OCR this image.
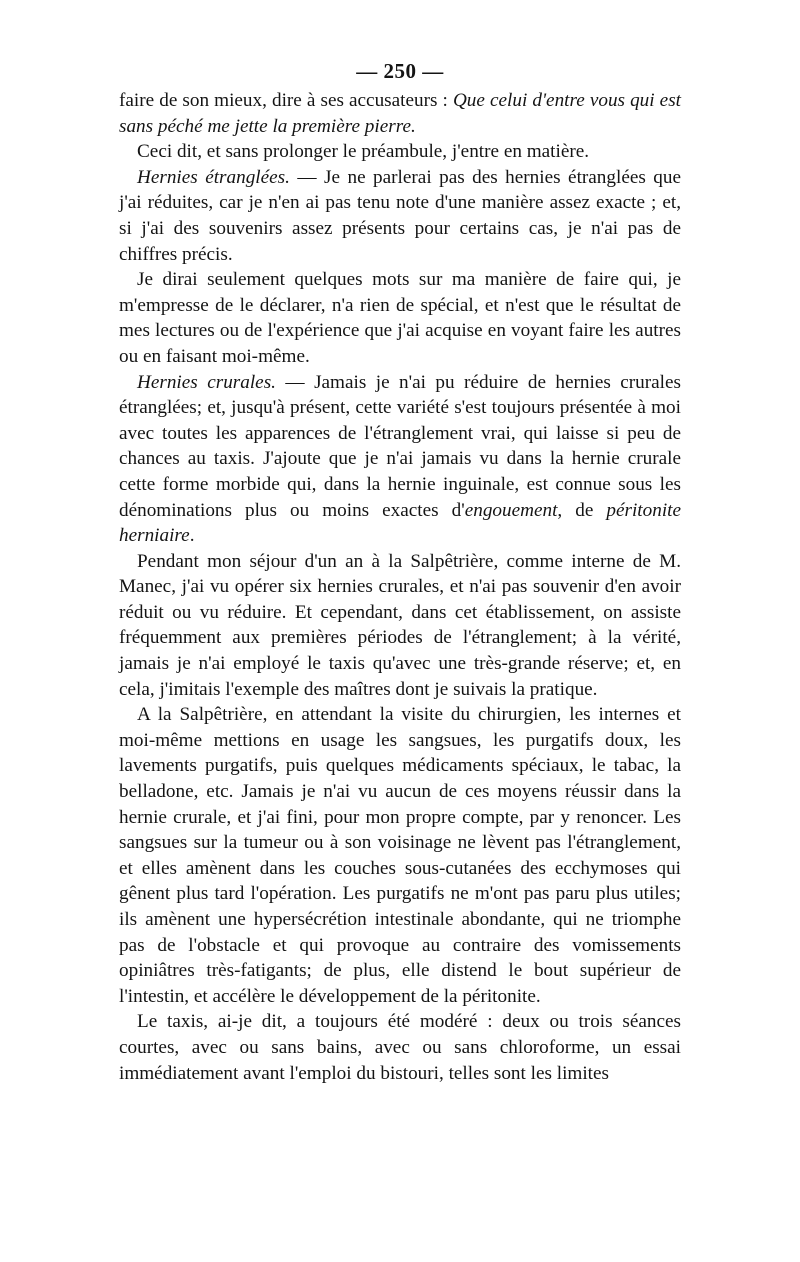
— 250 —

faire de son mieux, dire à ses accusateurs : Que celui d'entre vous qui est sans péché me jette la première pierre.

Ceci dit, et sans prolonger le préambule, j'entre en matière.

Hernies étranglées. — Je ne parlerai pas des hernies étranglées que j'ai réduites, car je n'en ai pas tenu note d'une manière assez exacte ; et, si j'ai des souvenirs assez présents pour certains cas, je n'ai pas de chiffres précis.

Je dirai seulement quelques mots sur ma manière de faire qui, je m'empresse de le déclarer, n'a rien de spécial, et n'est que le résultat de mes lectures ou de l'expérience que j'ai acquise en voyant faire les autres ou en faisant moi-même.

Hernies crurales. — Jamais je n'ai pu réduire de hernies crurales étranglées; et, jusqu'à présent, cette variété s'est toujours présentée à moi avec toutes les apparences de l'étranglement vrai, qui laisse si peu de chances au taxis. J'ajoute que je n'ai jamais vu dans la hernie crurale cette forme morbide qui, dans la hernie inguinale, est connue sous les dénominations plus ou moins exactes d'engouement, de péritonite herniaire.

Pendant mon séjour d'un an à la Salpêtrière, comme interne de M. Manec, j'ai vu opérer six hernies crurales, et n'ai pas souvenir d'en avoir réduit ou vu réduire. Et cependant, dans cet établissement, on assiste fréquemment aux premières périodes de l'étranglement; à la vérité, jamais je n'ai employé le taxis qu'avec une très-grande réserve; et, en cela, j'imitais l'exemple des maîtres dont je suivais la pratique.

A la Salpêtrière, en attendant la visite du chirurgien, les internes et moi-même mettions en usage les sangsues, les purgatifs doux, les lavements purgatifs, puis quelques médicaments spéciaux, le tabac, la belladone, etc. Jamais je n'ai vu aucun de ces moyens réussir dans la hernie crurale, et j'ai fini, pour mon propre compte, par y renoncer. Les sangsues sur la tumeur ou à son voisinage ne lèvent pas l'étranglement, et elles amènent dans les couches sous-cutanées des ecchymoses qui gênent plus tard l'opération. Les purgatifs ne m'ont pas paru plus utiles; ils amènent une hypersécrétion intestinale abondante, qui ne triomphe pas de l'obstacle et qui provoque au contraire des vomissements opiniâtres très-fatigants; de plus, elle distend le bout supérieur de l'intestin, et accélère le développement de la péritonite.

Le taxis, ai-je dit, a toujours été modéré : deux ou trois séances courtes, avec ou sans bains, avec ou sans chloroforme, un essai immédiatement avant l'emploi du bistouri, telles sont les limites
